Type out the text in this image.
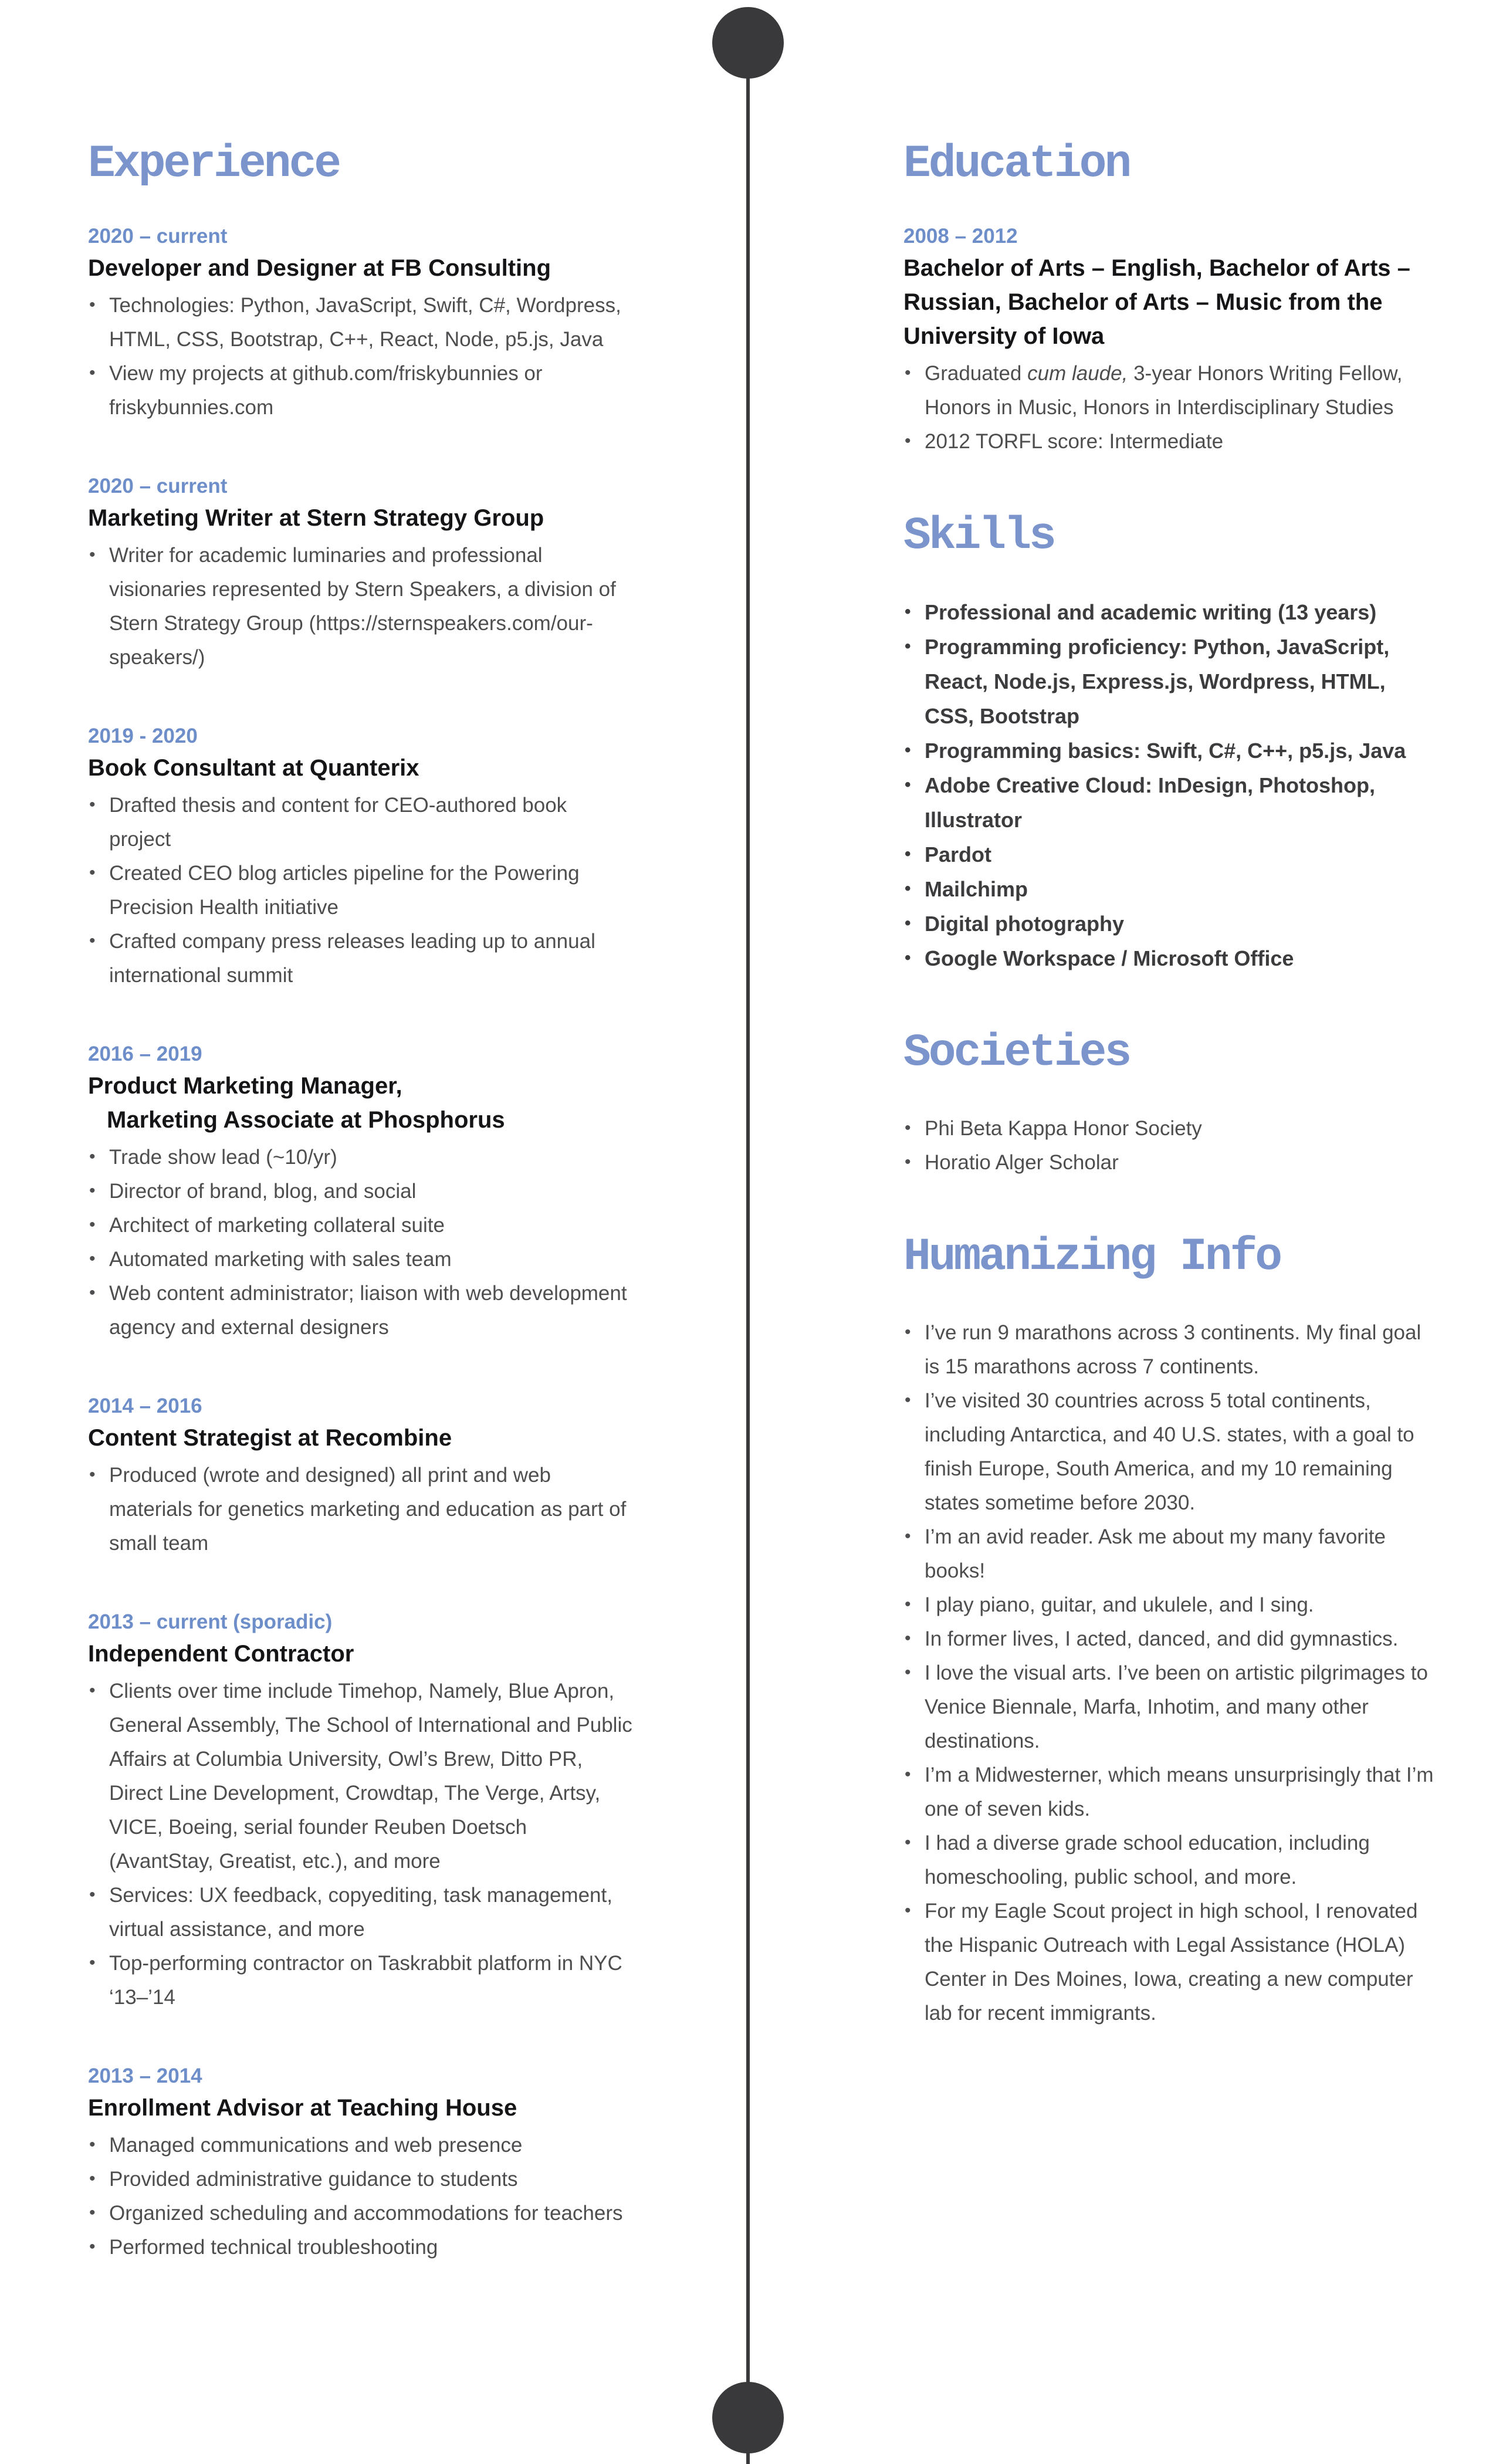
Experience
2020 – current
Developer and Designer at FB Consulting
• Technologies: Python, JavaScript, Swift, C#, Wordpress, HTML, CSS, Bootstrap, C++, React, Node, p5.js, Java
• View my projects at github.com/friskybunnies or friskybunnies.com
2020 – current
Marketing Writer at Stern Strategy Group
• Writer for academic luminaries and professional visionaries represented by Stern Speakers, a division of Stern Strategy Group (https://sternspeakers.com/our-speakers/)
2019 - 2020
Book Consultant at Quanterix
• Drafted thesis and content for CEO-authored book project
• Created CEO blog articles pipeline for the Powering Precision Health initiative
• Crafted company press releases leading up to annual international summit
2016 – 2019
Product Marketing Manager,
Marketing Associate at Phosphorus
• Trade show lead (~10/yr)
• Director of brand, blog, and social
• Architect of marketing collateral suite
• Automated marketing with sales team
• Web content administrator; liaison with web development agency and external designers
2014 – 2016
Content Strategist at Recombine
• Produced (wrote and designed) all print and web materials for genetics marketing and education as part of small team
2013 – current (sporadic)
Independent Contractor
• Clients over time include Timehop, Namely, Blue Apron, General Assembly, The School of International and Public Affairs at Columbia University, Owl’s Brew, Ditto PR, Direct Line Development, Crowdtap, The Verge, Artsy, VICE, Boeing, serial founder Reuben Doetsch (AvantStay, Greatist, etc.), and more
• Services: UX feedback, copyediting, task management, virtual assistance, and more
• Top-performing contractor on Taskrabbit platform in NYC ‘13–’14
2013 – 2014
Enrollment Advisor at Teaching House
• Managed communications and web presence
• Provided administrative guidance to students
• Organized scheduling and accommodations for teachers
• Performed technical troubleshooting
Education
2008 – 2012
Bachelor of Arts – English, Bachelor of Arts – Russian, Bachelor of Arts – Music from the University of Iowa
• Graduated cum laude, 3-year Honors Writing Fellow, Honors in Music, Honors in Interdisciplinary Studies
• 2012 TORFL score: Intermediate
Skills
• Professional and academic writing (13 years)
• Programming proficiency: Python, JavaScript, React, Node.js, Express.js, Wordpress, HTML, CSS, Bootstrap
• Programming basics: Swift, C#, C++, p5.js, Java
• Adobe Creative Cloud: InDesign, Photoshop, Illustrator
• Pardot
• Mailchimp
• Digital photography
• Google Workspace / Microsoft Office
Societies
• Phi Beta Kappa Honor Society
• Horatio Alger Scholar
Humanizing Info
• I’ve run 9 marathons across 3 continents. My final goal is 15 marathons across 7 continents.
• I’ve visited 30 countries across 5 total continents, including Antarctica, and 40 U.S. states, with a goal to finish Europe, South America, and my 10 remaining states sometime before 2030.
• I’m an avid reader. Ask me about my many favorite books!
• I play piano, guitar, and ukulele, and I sing.
• In former lives, I acted, danced, and did gymnastics.
• I love the visual arts. I’ve been on artistic pilgrimages to Venice Biennale, Marfa, Inhotim, and many other destinations.
• I’m a Midwesterner, which means unsurprisingly that I’m one of seven kids.
• I had a diverse grade school education, including homeschooling, public school, and more.
• For my Eagle Scout project in high school, I renovated the Hispanic Outreach with Legal Assistance (HOLA) Center in Des Moines, Iowa, creating a new computer lab for recent immigrants.
